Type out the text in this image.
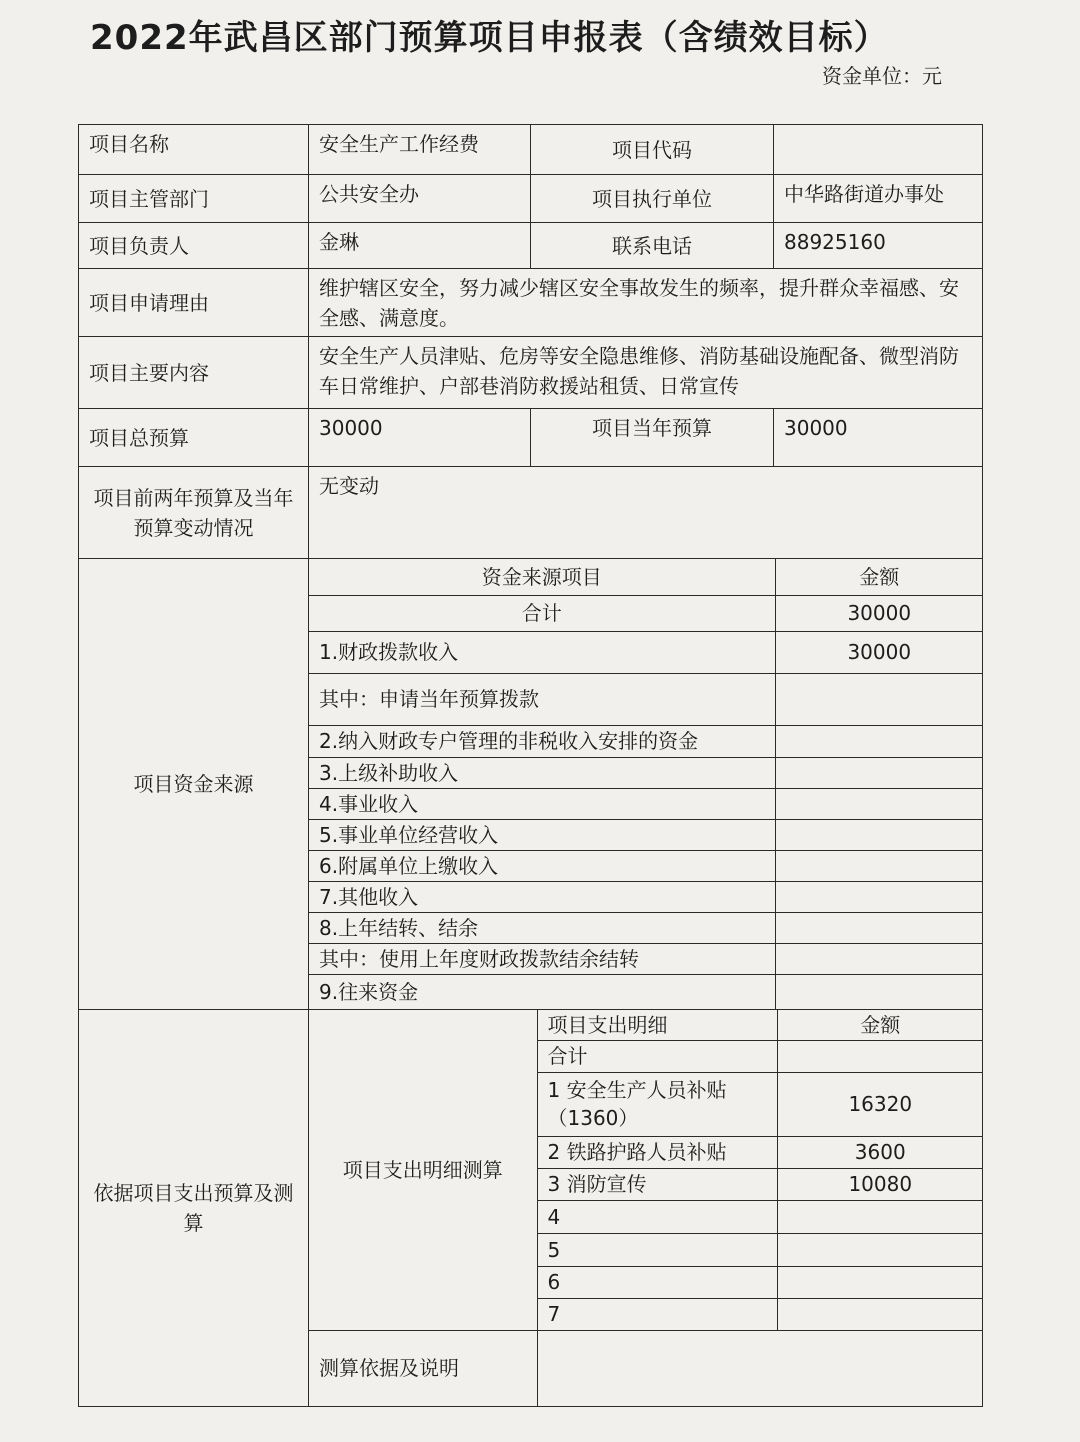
2022年武昌区部门预算项目申报表（含绩效目标）
资金单位：元
项目名称	安全生产工作经费	项目代码	
项目主管部门	公共安全办	项目执行单位	中华路街道办事处
项目负责人	金琳	联系电话	88925160
项目申请理由	维护辖区安全，努力减少辖区安全事故发生的频率，提升群众幸福感、安全感、满意度。
项目主要内容	安全生产人员津贴、危房等安全隐患维修、消防基础设施配备、微型消防车日常维护、户部巷消防救援站租赁、日常宣传
项目总预算	30000	项目当年预算	30000
项目前两年预算及当年预算变动情况	无变动
项目资金来源	
资金来源项目	金额
合计	30000
1.财政拨款收入	30000
其中：申请当年预算拨款	
2.纳入财政专户管理的非税收入安排的资金	
3.上级补助收入	
4.事业收入	
5.事业单位经营收入	
6.附属单位上缴收入	
7.其他收入	
8.上年结转、结余	
其中：使用上年度财政拨款结余结转	
9.往来资金	

依据项目支出预算及测算	
项目支出明细测算	项目支出明细	金额
合计	
1 安全生产人员补贴（1360）	16320
2 铁路护路人员补贴	3600
3 消防宣传	10080
4	
5	
6	
7	
测算依据及说明	
